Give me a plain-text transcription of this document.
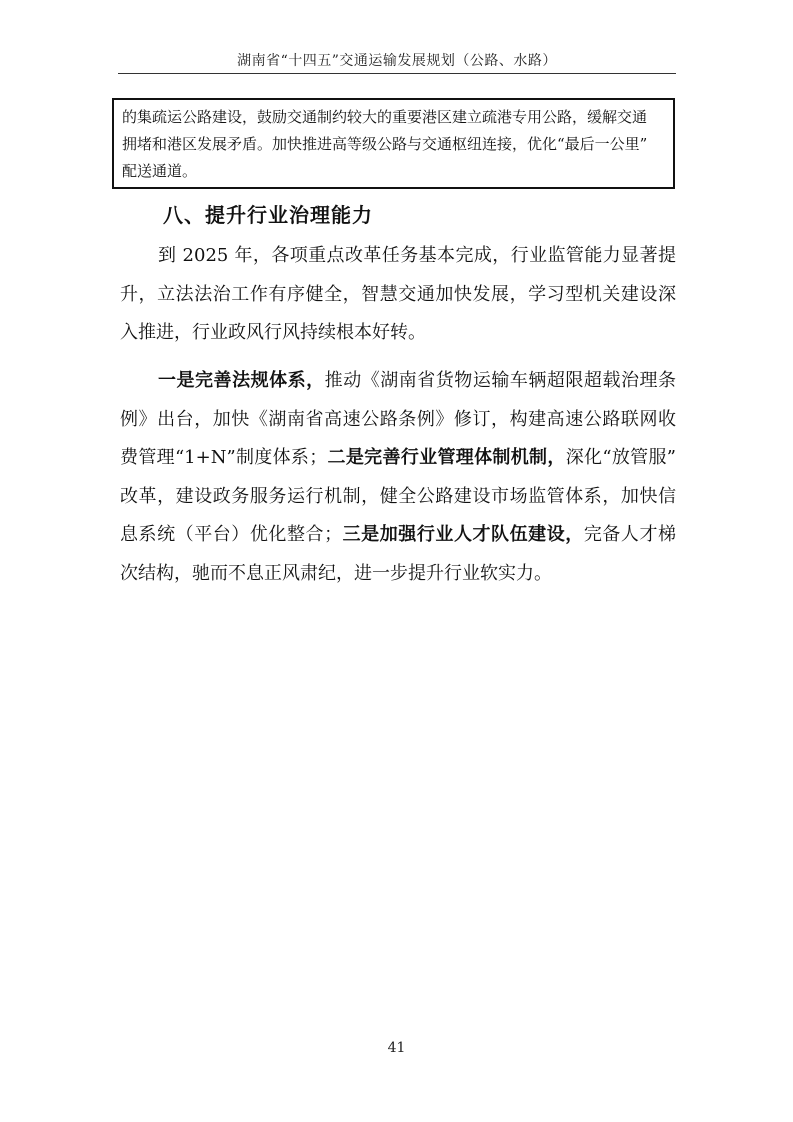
湖南省“十四五”交通运输发展规划（公路、水路）
的集疏运公路建设，鼓励交通制约较大的重要港区建立疏港专用公路，缓解交通
拥堵和港区发展矛盾。加快推进高等级公路与交通枢纽连接，优化“最后一公里”
配送通道。
八、提升行业治理能力
到 2025 年，各项重点改革任务基本完成，行业监管能力显著提
升，立法法治工作有序健全，智慧交通加快发展，学习型机关建设深
入推进，行业政风行风持续根本好转。
一是完善法规体系，推动《湖南省货物运输车辆超限超载治理条
例》出台，加快《湖南省高速公路条例》修订，构建高速公路联网收
费管理“1+N”制度体系；二是完善行业管理体制机制，深化“放管服”
改革，建设政务服务运行机制，健全公路建设市场监管体系，加快信
息系统（平台）优化整合；三是加强行业人才队伍建设，完备人才梯
次结构，驰而不息正风肃纪，进一步提升行业软实力。
41
